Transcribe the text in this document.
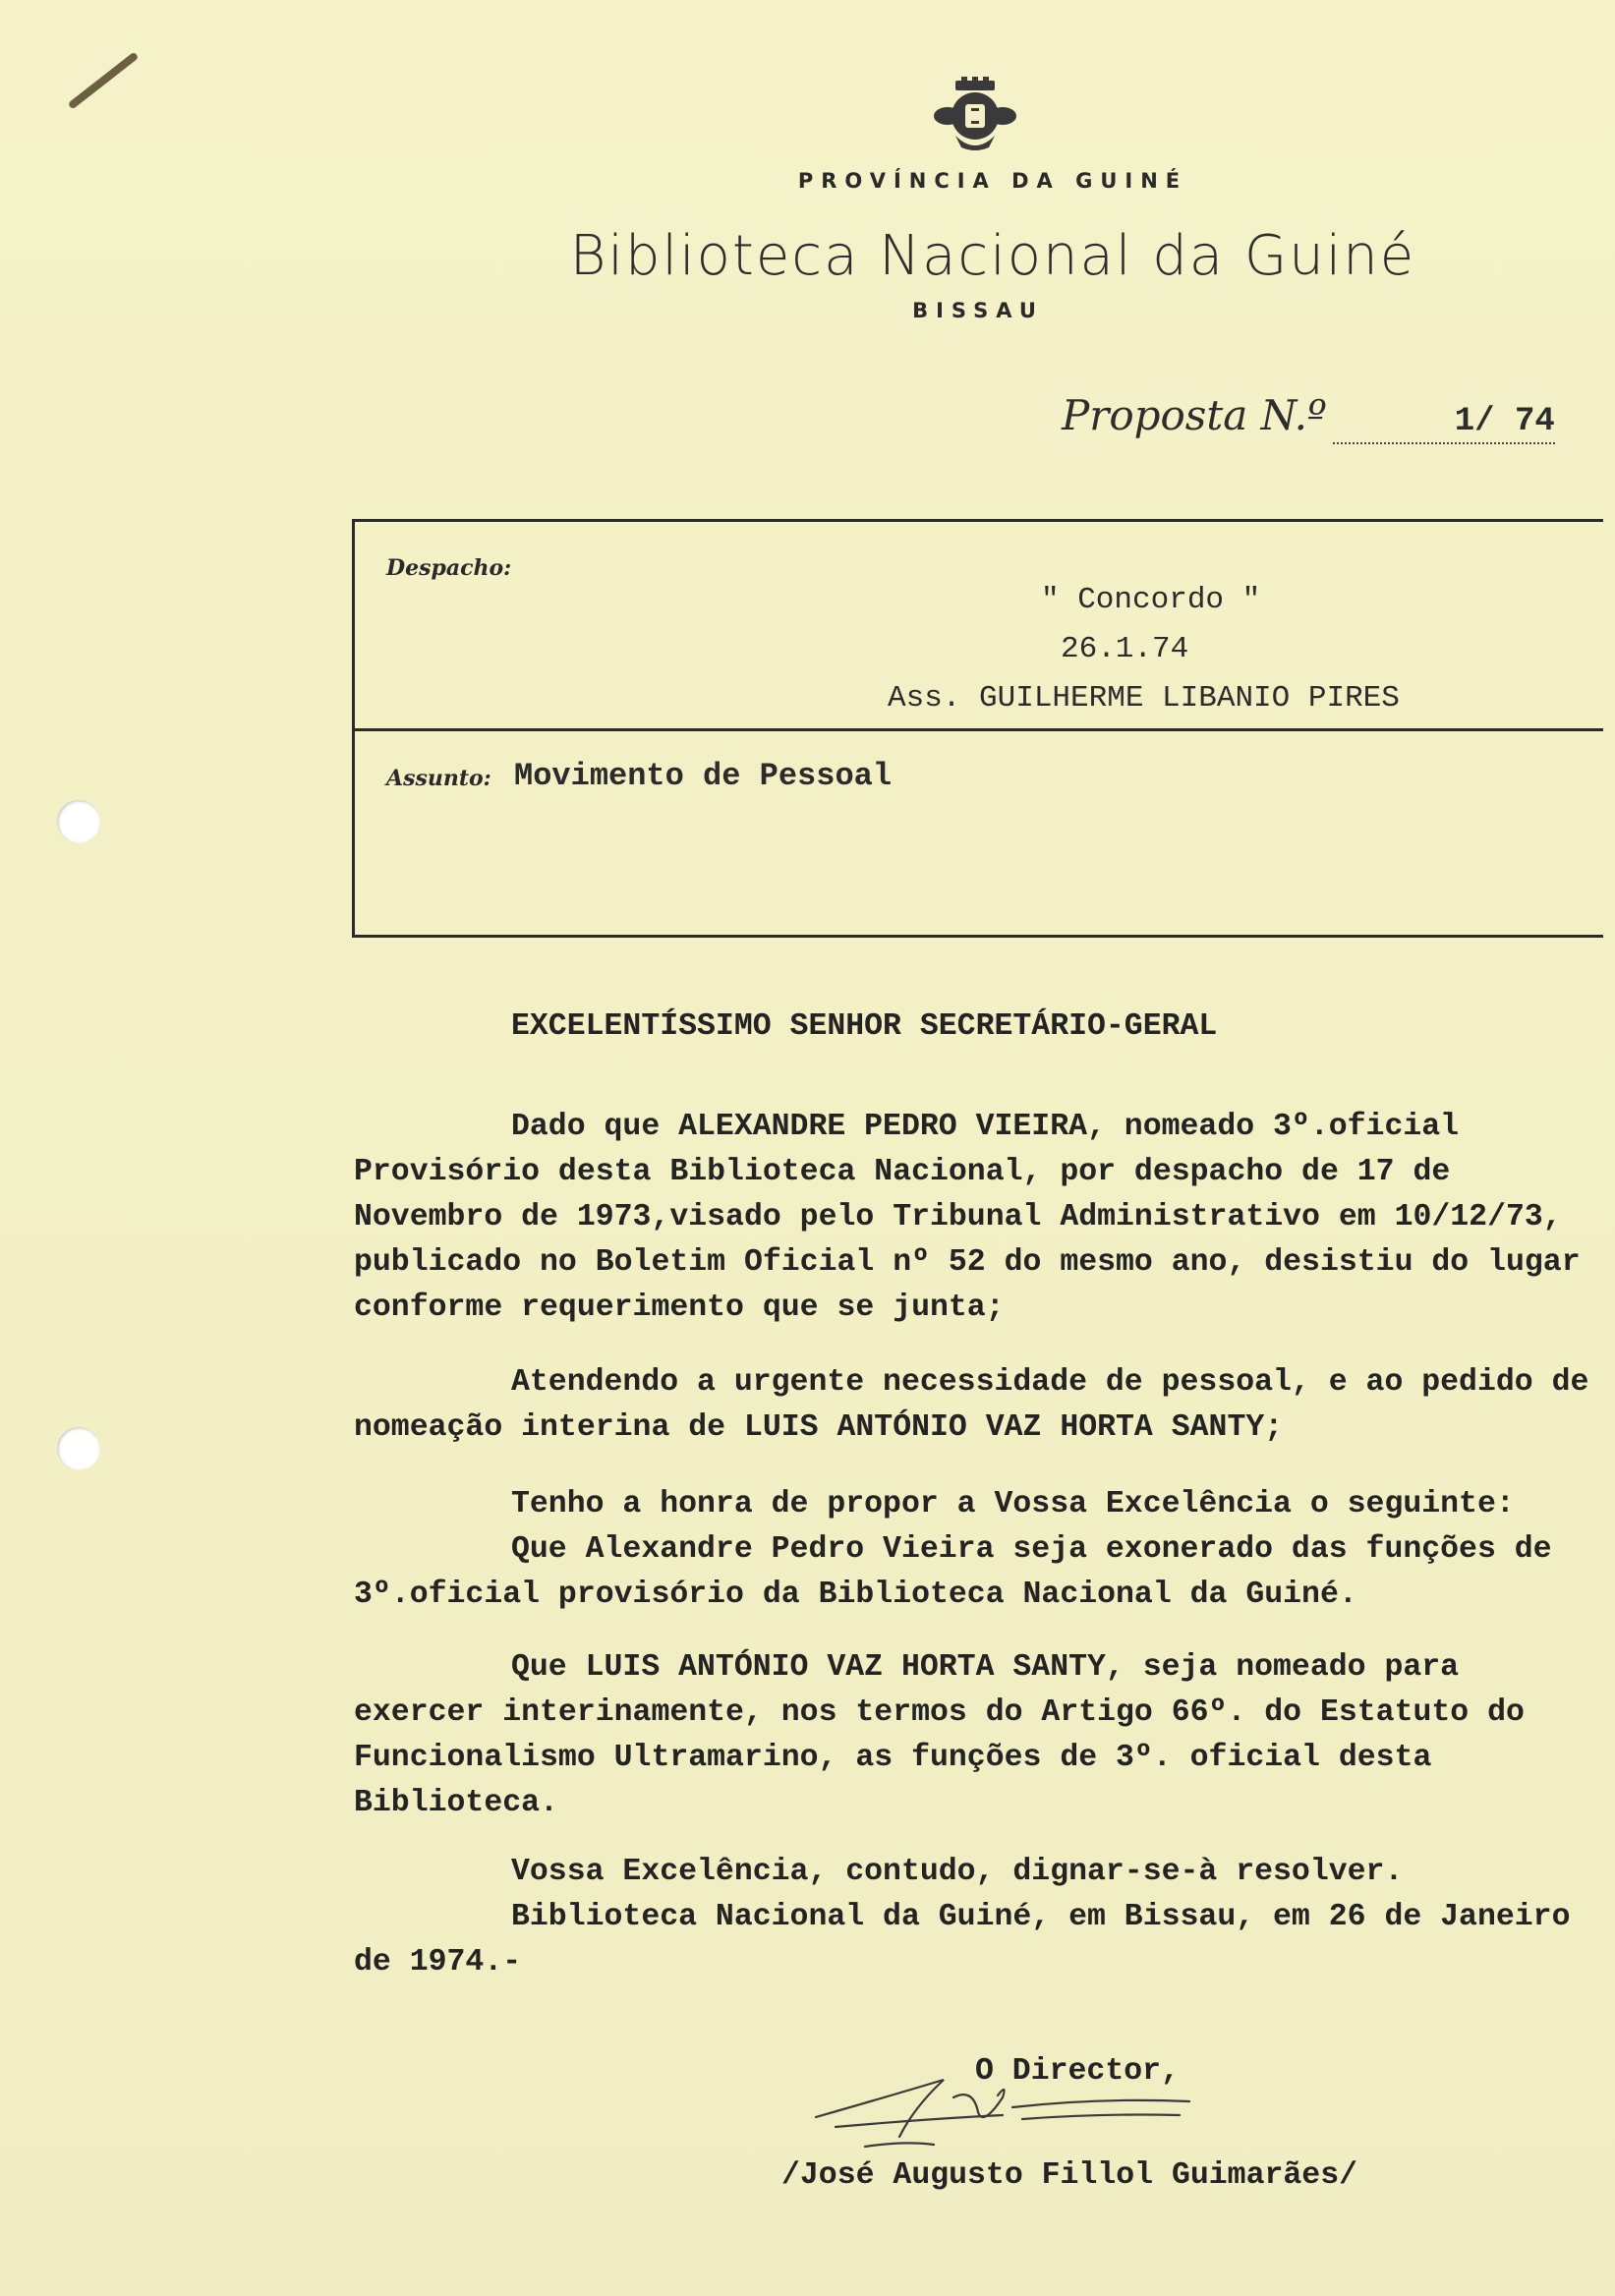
PROVÍNCIA DA GUINÉ
Biblioteca Nacional da Guiné
BISSAU
Proposta N.º	1/ 74
Despacho:
" Concordo "
26.1.74
Ass. GUILHERME LIBANIO PIRES
Assunto: Movimento de Pessoal
EXCELENTÍSSIMO SENHOR SECRETÁRIO-GERAL

Dado que ALEXANDRE PEDRO VIEIRA, nomeado 3º.oficial Provisório desta Biblioteca Nacional, por despacho de 17 de Novembro de 1973,visado pelo Tribunal Administrativo em 10/12/73, publicado no Boletim Oficial nº 52 do mesmo ano, desistiu do lugar conforme requerimento que se junta;

Atendendo a urgente necessidade de pessoal, e ao pedido de nomeação interina de LUIS ANTÓNIO VAZ HORTA SANTY;

Tenho a honra de propor a Vossa Excelência o seguinte:

Que Alexandre Pedro Vieira seja exonerado das funções de 3º.oficial provisório da Biblioteca Nacional da Guiné.

Que LUIS ANTÓNIO VAZ HORTA SANTY, seja nomeado para exercer interinamente, nos termos do Artigo 66º. do Estatuto do Funcionalismo Ultramarino, as funções de 3º. oficial desta Biblioteca.

Vossa Excelência, contudo, dignar-se-à resolver.

Biblioteca Nacional da Guiné, em Bissau, em 26 de Janeiro de 1974.-

O Director,
/José Augusto Fillol Guimarães/
